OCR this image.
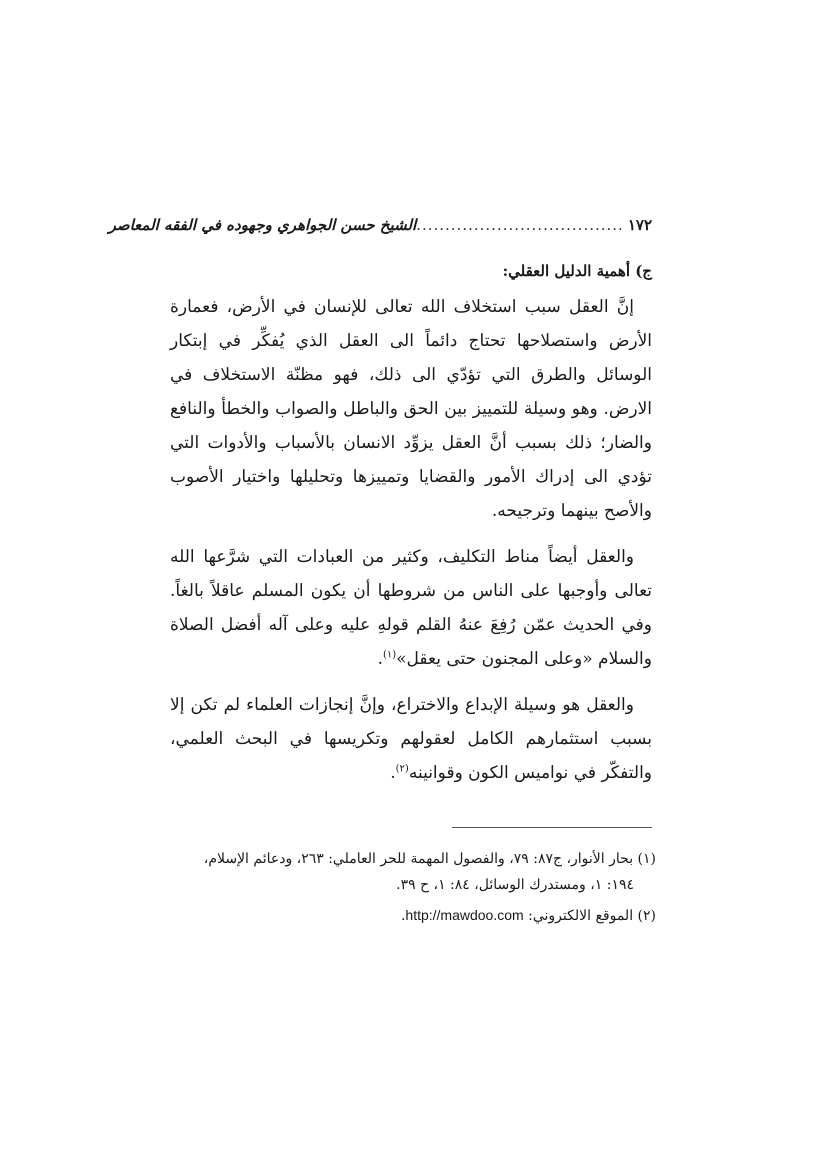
١٧٢
....................................
الشيخ حسن الجواهري وجهوده في الفقه المعاصر

ج) أهمية الدليل العقلي:

إنَّ العقل سبب استخلاف الله تعالى للإنسان في الأرض، فعمارة الأرض واستصلاحها تحتاج دائماً الى العقل الذي يُفكِّر في إبتكار الوسائل والطرق التي تؤدّي الى ذلك، فهو مظنّة الاستخلاف في الارض. وهو وسيلة للتمييز بين الحق والباطل والصواب والخطأ والنافع والضار؛ ذلك بسبب أنَّ العقل يزوِّد الانسان بالأسباب والأدوات التي تؤدي الى إدراك الأمور والقضايا وتمييزها وتحليلها واختيار الأصوب والأصح بينهما وترجيحه.

والعقل أيضاً مناط التكليف، وكثير من العبادات التي شرَّعها الله تعالى وأوجبها على الناس من شروطها أن يكون المسلم عاقلاً بالغاً. وفي الحديث عمّن رُفِعَ عنهُ القلم قولهِ عليه وعلى آله أفضل الصلاة والسلام «وعلى المجنون حتى يعقل»$^{(١)}$.

والعقل هو وسيلة الإبداع والاختراع، وإنَّ إنجازات العلماء لم تكن إلا بسبب استثمارهم الكامل لعقولهم وتكريسها في البحث العلمي، والتفكّر في نواميس الكون وقوانينه$^{(٢)}$.

(١) بحار الأنوار، ج٨٧: ٧٩، والفصول المهمة للحر العاملي: ٢٦٣، ودعائم الإسلام،
١٩٤: ١، ومستدرك الوسائل، ٨٤: ١، ح ٣٩.
(٢) الموقع الالكتروني: http://mawdoo.com.
